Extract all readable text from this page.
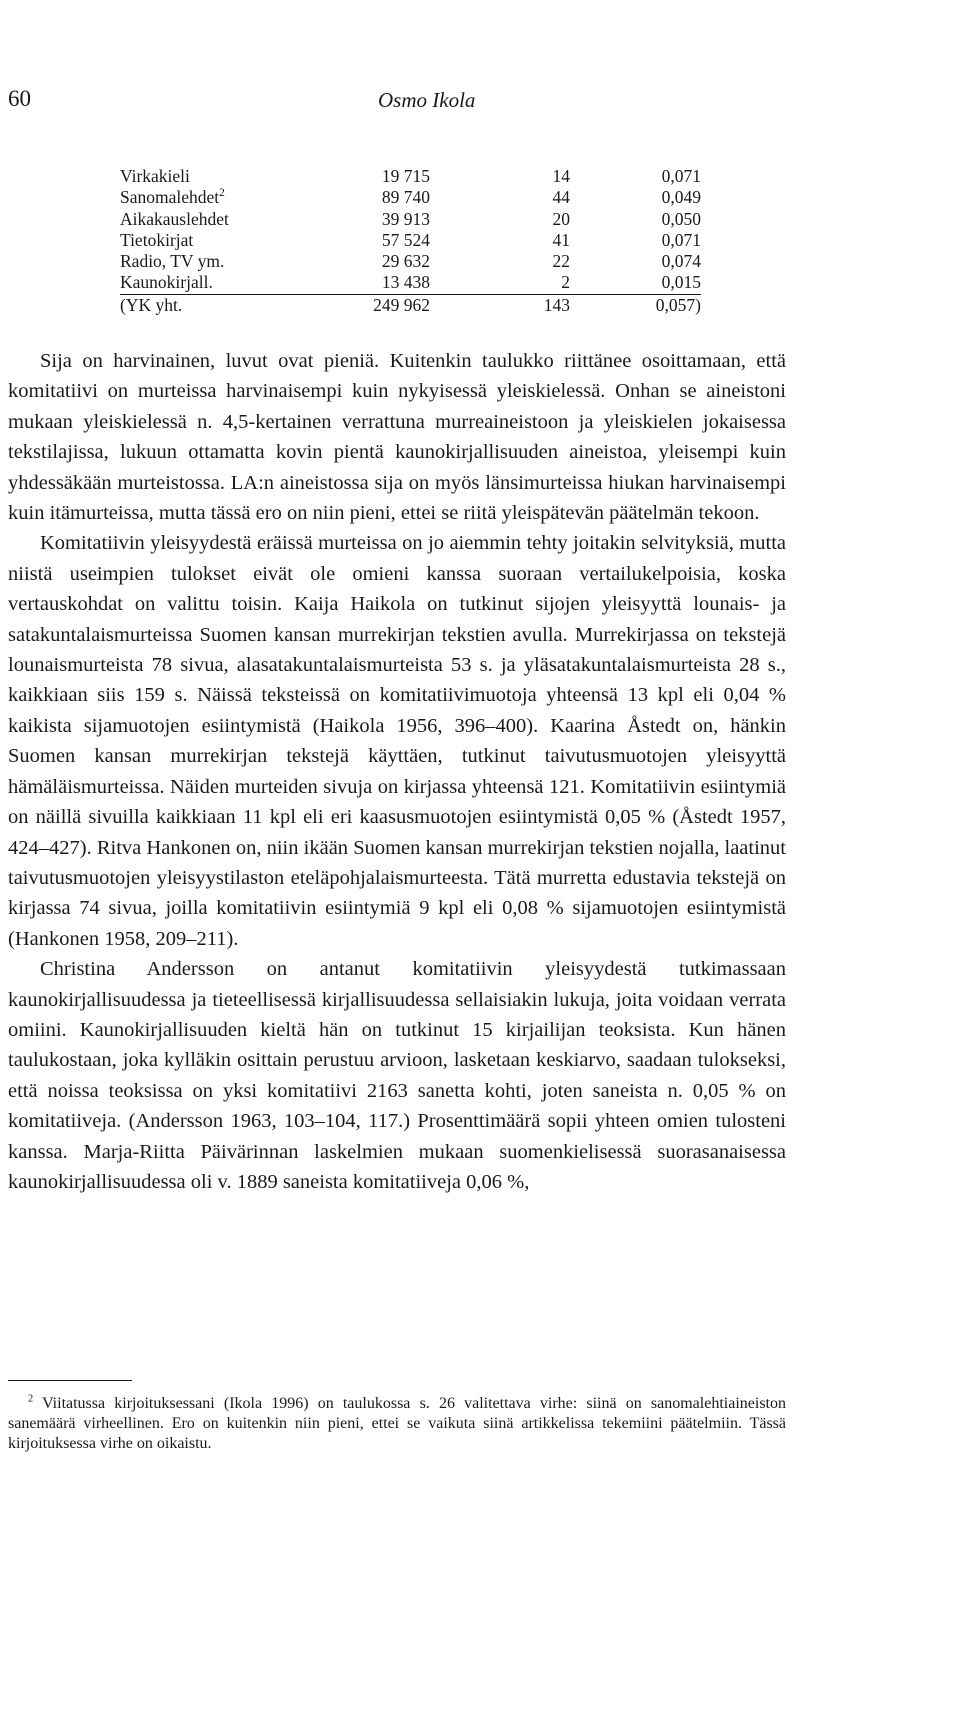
60	Osmo Ikola
Virkakieli	19 715	14	0,071
Sanomalehdet$^2$	89 740	44	0,049
Aikakauslehdet	39 913	20	0,050
Tietokirjat	57 524	41	0,071
Radio, TV ym.	29 632	22	0,074
Kaunokirjall.	13 438	2	0,015
(YK yht.	249 962	143	0,057)

Sija on harvinainen, luvut ovat pieniä. Kuitenkin taulukko riittänee osoittamaan, että komitatiivi on murteissa harvinaisempi kuin nykyisessä yleiskielessä. Onhan se aineistoni mukaan yleiskielessä n. 4,5-kertainen verrattuna murreaineistoon ja yleiskielen jokaisessa tekstilajissa, lukuun ottamatta kovin pientä kaunokirjallisuuden aineistoa, yleisempi kuin yhdessäkään murteistossa. LA:n aineistossa sija on myös länsimurteissa hiukan harvinaisempi kuin itämurteissa, mutta tässä ero on niin pieni, ettei se riitä yleispätevän päätelmän tekoon.

Komitatiivin yleisyydestä eräissä murteissa on jo aiemmin tehty joitakin selvityksiä, mutta niistä useimpien tulokset eivät ole omieni kanssa suoraan vertailukelpoisia, koska vertauskohdat on valittu toisin. Kaija Haikola on tutkinut sijojen yleisyyttä lounais- ja satakuntalaismurteissa Suomen kansan murrekirjan tekstien avulla. Murrekirjassa on tekstejä lounaismurteista 78 sivua, alasatakuntalaismurteista 53 s. ja yläsatakuntalaismurteista 28 s., kaikkiaan siis 159 s. Näissä teksteissä on komitatiivimuotoja yhteensä 13 kpl eli 0,04 % kaikista sijamuotojen esiintymistä (Haikola 1956, 396–400). Kaarina Åstedt on, hänkin Suomen kansan murrekirjan tekstejä käyttäen, tutkinut taivutusmuotojen yleisyyttä hämäläismurteissa. Näiden murteiden sivuja on kirjassa yhteensä 121. Komitatiivin esiintymiä on näillä sivuilla kaikkiaan 11 kpl eli eri kaasusmuotojen esiintymistä 0,05 % (Åstedt 1957, 424–427). Ritva Hankonen on, niin ikään Suomen kansan murrekirjan tekstien nojalla, laatinut taivutusmuotojen yleisyystilaston eteläpohjalaismurteesta. Tätä murretta edustavia tekstejä on kirjassa 74 sivua, joilla komitatiivin esiintymiä 9 kpl eli 0,08 % sijamuotojen esiintymistä (Hankonen 1958, 209–211).

Christina Andersson on antanut komitatiivin yleisyydestä tutkimassaan kaunokirjallisuudessa ja tieteellisessä kirjallisuudessa sellaisiakin lukuja, joita voidaan verrata omiini. Kaunokirjallisuuden kieltä hän on tutkinut 15 kirjailijan teoksista. Kun hänen taulukostaan, joka kylläkin osittain perustuu arvioon, lasketaan keskiarvo, saadaan tulokseksi, että noissa teoksissa on yksi komitatiivi 2163 sanetta kohti, joten saneista n. 0,05 % on komitatiiveja. (Andersson 1963, 103–104, 117.) Prosenttimäärä sopii yhteen omien tulosteni kanssa. Marja-Riitta Päivärinnan laskelmien mukaan suomenkielisessä suorasanaisessa kaunokirjallisuudessa oli v. 1889 saneista komitatiiveja 0,06 %,

$^2$ Viitatussa kirjoituksessani (Ikola 1996) on taulukossa s. 26 valitettava virhe: siinä on sanomalehtiaineiston sanemäärä virheellinen. Ero on kuitenkin niin pieni, ettei se vaikuta siinä artikkelissa tekemiini päätelmiin. Tässä kirjoituksessa virhe on oikaistu.
